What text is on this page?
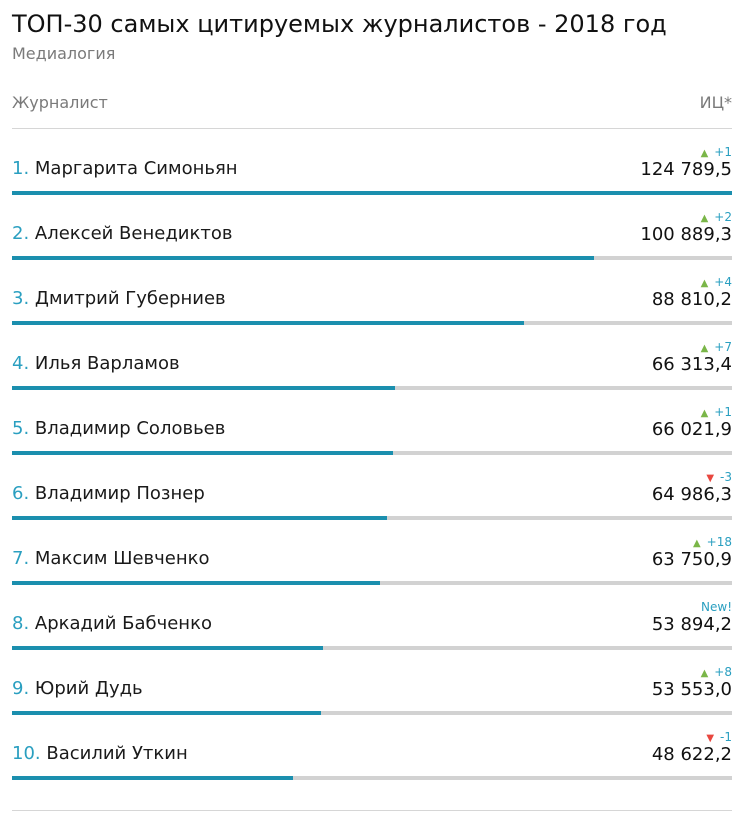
ТОП-30 самых цитируемых журналистов - 2018 год
Медиалогия
Журналист	ИЦ*
1. Маргарита Симоньян
▲ +1
124 789,5
2. Алексей Венедиктов
▲ +2
100 889,3
3. Дмитрий Губерниев
▲ +4
88 810,2
4. Илья Варламов
▲ +7
66 313,4
5. Владимир Соловьев
▲ +1
66 021,9
6. Владимир Познер
▼ -3
64 986,3
7. Максим Шевченко
▲ +18
63 750,9
8. Аркадий Бабченко
New!
53 894,2
9. Юрий Дудь
▲ +8
53 553,0
10. Василий Уткин
▼ -1
48 622,2
